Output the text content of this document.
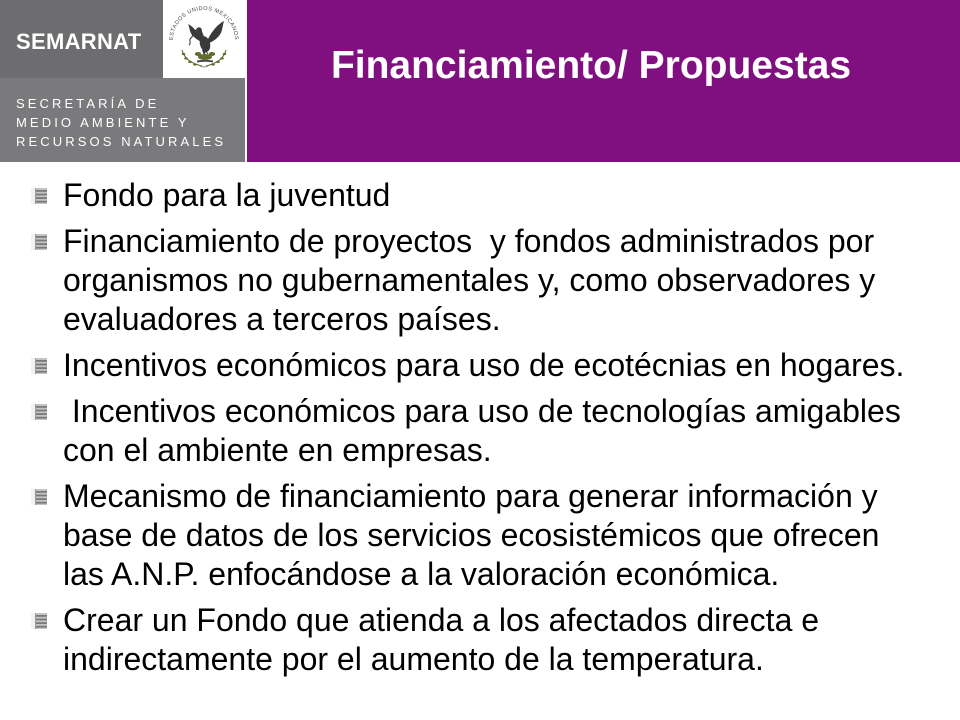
SEMARNAT	ESTADOS UNIDOS MEXICANOS
SECRETARÍA DE
MEDIO AMBIENTE Y
RECURSOS NATURALES
Financiamiento/ Propuestas
Fondo para la juventud
Financiamiento de proyectos  y fondos administrados por
organismos no gubernamentales y, como observadores y
evaluadores a terceros países.
Incentivos económicos para uso de ecotécnias en hogares.
Incentivos económicos para uso de tecnologías amigables
con el ambiente en empresas.
Mecanismo de financiamiento para generar información y
base de datos de los servicios ecosistémicos que ofrecen
las A.N.P. enfocándose a la valoración económica.
Crear un Fondo que atienda a los afectados directa e
indirectamente por el aumento de la temperatura.
